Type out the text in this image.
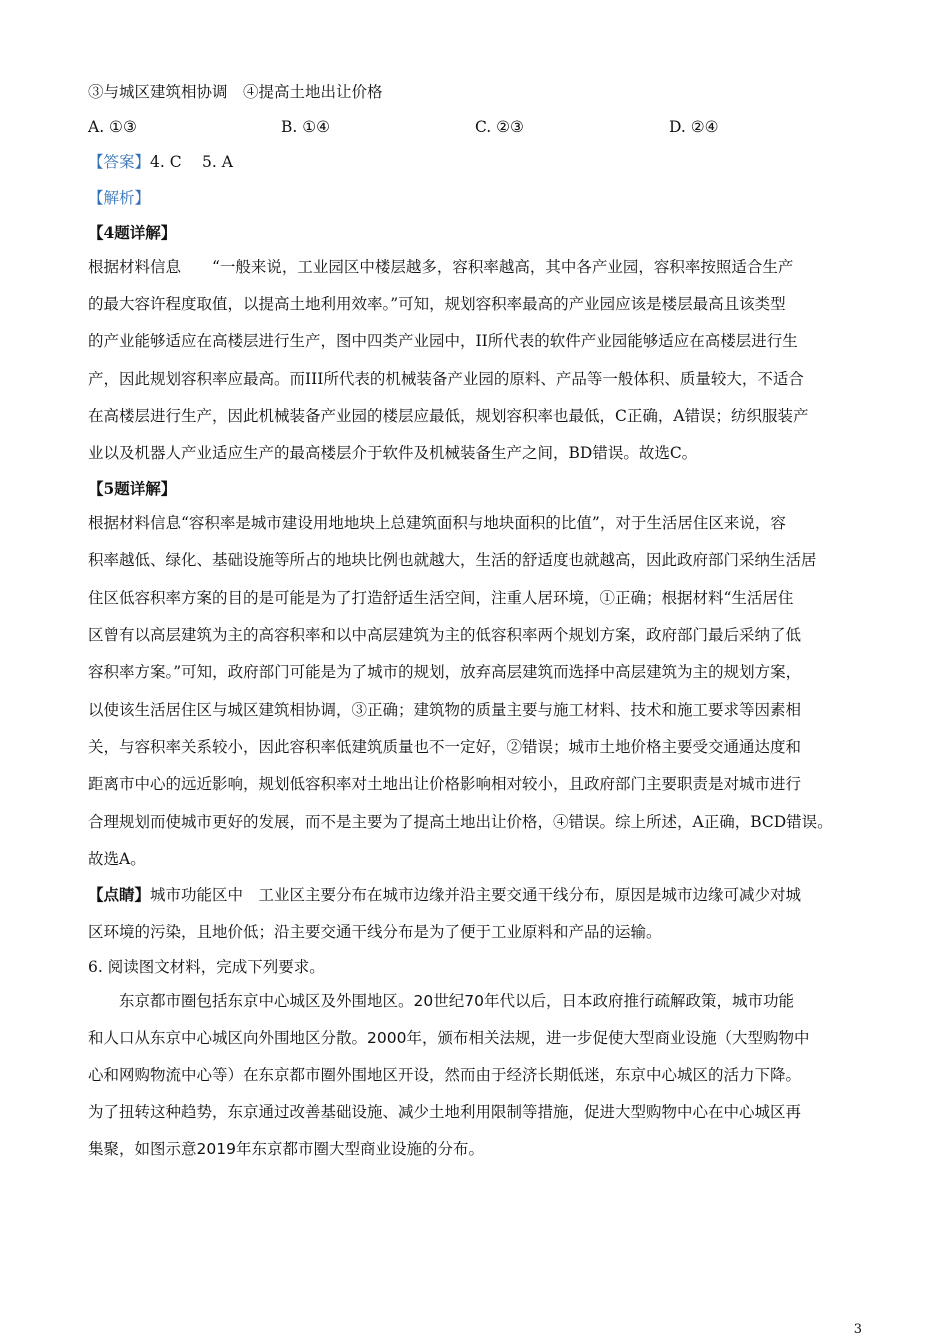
③与城区建筑相协调　④提高土地出让价格
A. ①③	B. ①④	C. ②③	D. ②④
【答案】4. C　 5. A
【解析】
【4题详解】
根据材料信息　　“一般来说，工业园区中楼层越多，容积率越高，其中各产业园，容积率按照适合生产
的最大容许程度取值，以提高土地利用效率。”可知，规划容积率最高的产业园应该是楼层最高且该类型
的产业能够适应在高楼层进行生产，图中四类产业园中，II所代表的软件产业园能够适应在高楼层进行生
产，因此规划容积率应最高。而III所代表的机械装备产业园的原料、产品等一般体积、质量较大，不适合
在高楼层进行生产，因此机械装备产业园的楼层应最低，规划容积率也最低，C正确，A错误；纺织服装产
业以及机器人产业适应生产的最高楼层介于软件及机械装备生产之间，BD错误。故选C。
【5题详解】
根据材料信息“容积率是城市建设用地地块上总建筑面积与地块面积的比值”，对于生活居住区来说，容
积率越低、绿化、基础设施等所占的地块比例也就越大，生活的舒适度也就越高，因此政府部门采纳生活居
住区低容积率方案的目的是可能是为了打造舒适生活空间，注重人居环境，①正确；根据材料“生活居住
区曾有以高层建筑为主的高容积率和以中高层建筑为主的低容积率两个规划方案，政府部门最后采纳了低
容积率方案。”可知，政府部门可能是为了城市的规划，放弃高层建筑而选择中高层建筑为主的规划方案，
以使该生活居住区与城区建筑相协调，③正确；建筑物的质量主要与施工材料、技术和施工要求等因素相
关，与容积率关系较小，因此容积率低建筑质量也不一定好，②错误；城市土地价格主要受交通通达度和
距离市中心的远近影响，规划低容积率对土地出让价格影响相对较小，且政府部门主要职责是对城市进行
合理规划而使城市更好的发展，而不是主要为了提高土地出让价格，④错误。综上所述，A正确，BCD错误。
故选A。
【点睛】城市功能区中　工业区主要分布在城市边缘并沿主要交通干线分布，原因是城市边缘可减少对城
区环境的污染，且地价低；沿主要交通干线分布是为了便于工业原料和产品的运输。
6. 阅读图文材料，完成下列要求。
　　东京都市圈包括东京中心城区及外围地区。20世纪70年代以后，日本政府推行疏解政策，城市功能
和人口从东京中心城区向外围地区分散。2000年，颁布相关法规，进一步促使大型商业设施（大型购物中
心和网购物流中心等）在东京都市圈外围地区开设，然而由于经济长期低迷，东京中心城区的活力下降。
为了扭转这种趋势，东京通过改善基础设施、减少土地利用限制等措施，促进大型购物中心在中心城区再
集聚，如图示意2019年东京都市圈大型商业设施的分布。
3
